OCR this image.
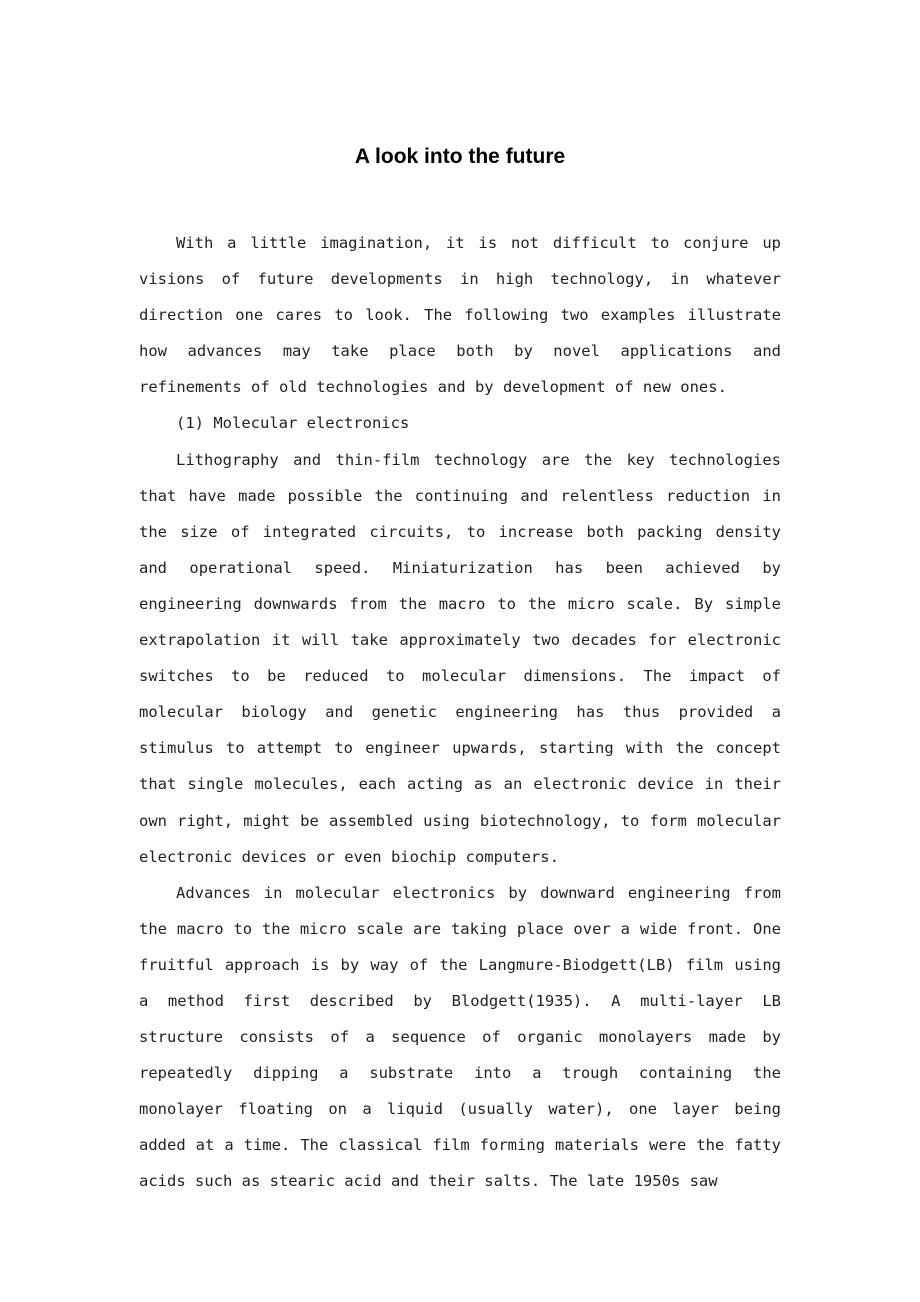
A look into the future

With a little imagination, it is not difficult to conjure up visions of future developments in high technology, in whatever direction one cares to look. The following two examples illustrate how advances may take place both by novel applications and refinements of old technologies and by development of new ones.

(1) Molecular electronics

Lithography and thin-film technology are the key technologies that have made possible the continuing and relentless reduction in the size of integrated circuits, to increase both packing density and operational speed. Miniaturization has been achieved by engineering downwards from the macro to the micro scale. By simple extrapolation it will take approximately two decades for electronic switches to be reduced to molecular dimensions. The impact of molecular biology and genetic engineering has thus provided a stimulus to attempt to engineer upwards, starting with the concept that single molecules, each acting as an electronic device in their own right, might be assembled using biotechnology, to form molecular electronic devices or even biochip computers.

Advances in molecular electronics by downward engineering from the macro to the micro scale are taking place over a wide front. One fruitful approach is by way of the Langmure-Biodgett(LB) film using a method first described by Blodgett(1935). A multi-layer LB structure consists of a sequence of organic monolayers made by repeatedly dipping a substrate into a trough containing the monolayer floating on a liquid (usually water), one layer being added at a time. The classical film forming materials were the fatty acids such as stearic acid and their salts. The late 1950s saw
